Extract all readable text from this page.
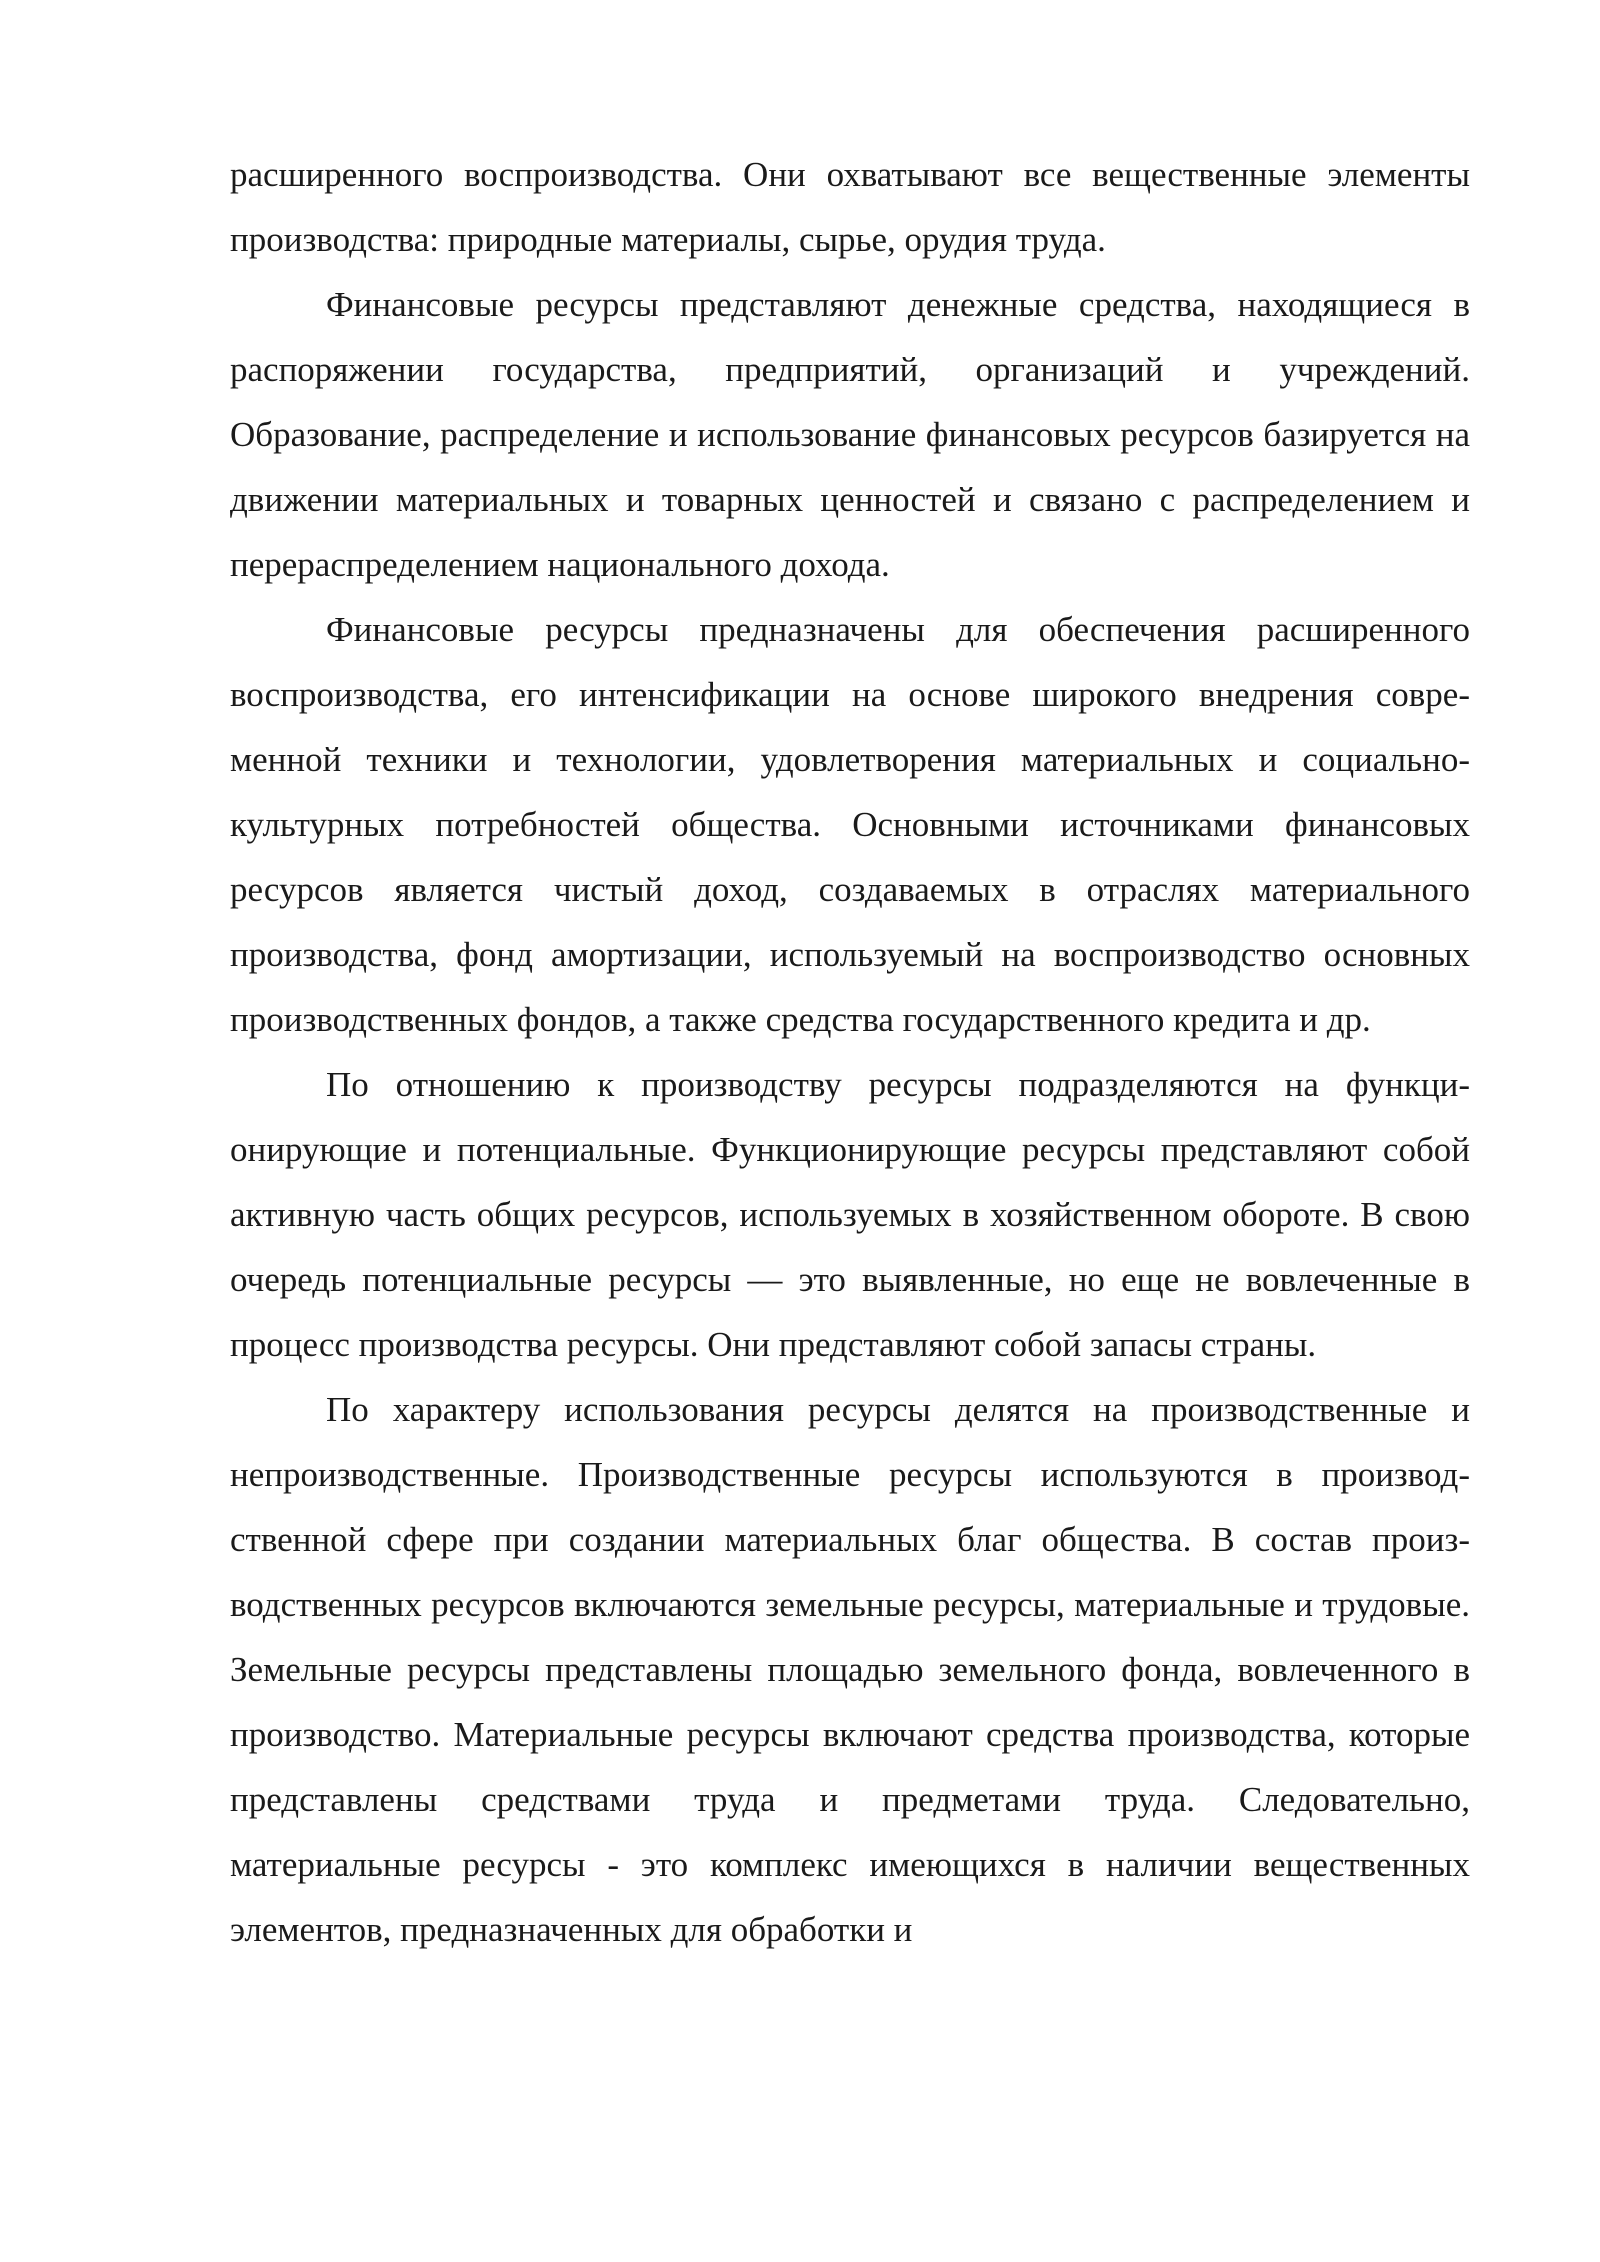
расширенного воспроизводства. Они охватывают все вещественные элементы производства: природные материалы, сырье, орудия труда.

Финансовые ресурсы представляют денежные средства, находящиеся в распоряжении государства, предприятий, организаций и учреждений. Образование, распределение и использование финансовых ресурсов базируется на движении материальных и товарных ценностей и связано с распределением и перераспределением национального дохода.

Финансовые ресурсы предназначены для обеспечения расширенного воспроизводства, его интенсификации на основе широкого внедрения современной техники и технологии, удовлетворения материальных и социально-культурных потребностей общества. Основными источниками финансовых ресурсов является чистый доход, создаваемых в отраслях материального производства, фонд амортизации, используемый на воспроизводство основных производственных фондов, а также средства государственного кредита и др.

По отношению к производству ресурсы подразделяются на функционирующие и потенциальные. Функционирующие ресурсы представляют собой активную часть общих ресурсов, используемых в хозяйственном обороте. В свою очередь потенциальные ресурсы — это выявленные, но еще не вовлеченные в процесс производства ресурсы. Они представляют собой запасы страны.

По характеру использования ресурсы делятся на производственные и непроизводственные. Производственные ресурсы используются в производственной сфере при создании материальных благ общества. В состав производственных ресурсов включаются земельные ресурсы, материальные и трудовые. Земельные ресурсы представлены площадью земельного фонда, вовлеченного в производство. Материальные ресурсы включают средства производства, которые представлены средствами труда и предметами труда. Следовательно, материальные ресурсы - это комплекс имеющихся в наличии вещественных элементов, предназначенных для обработки и
